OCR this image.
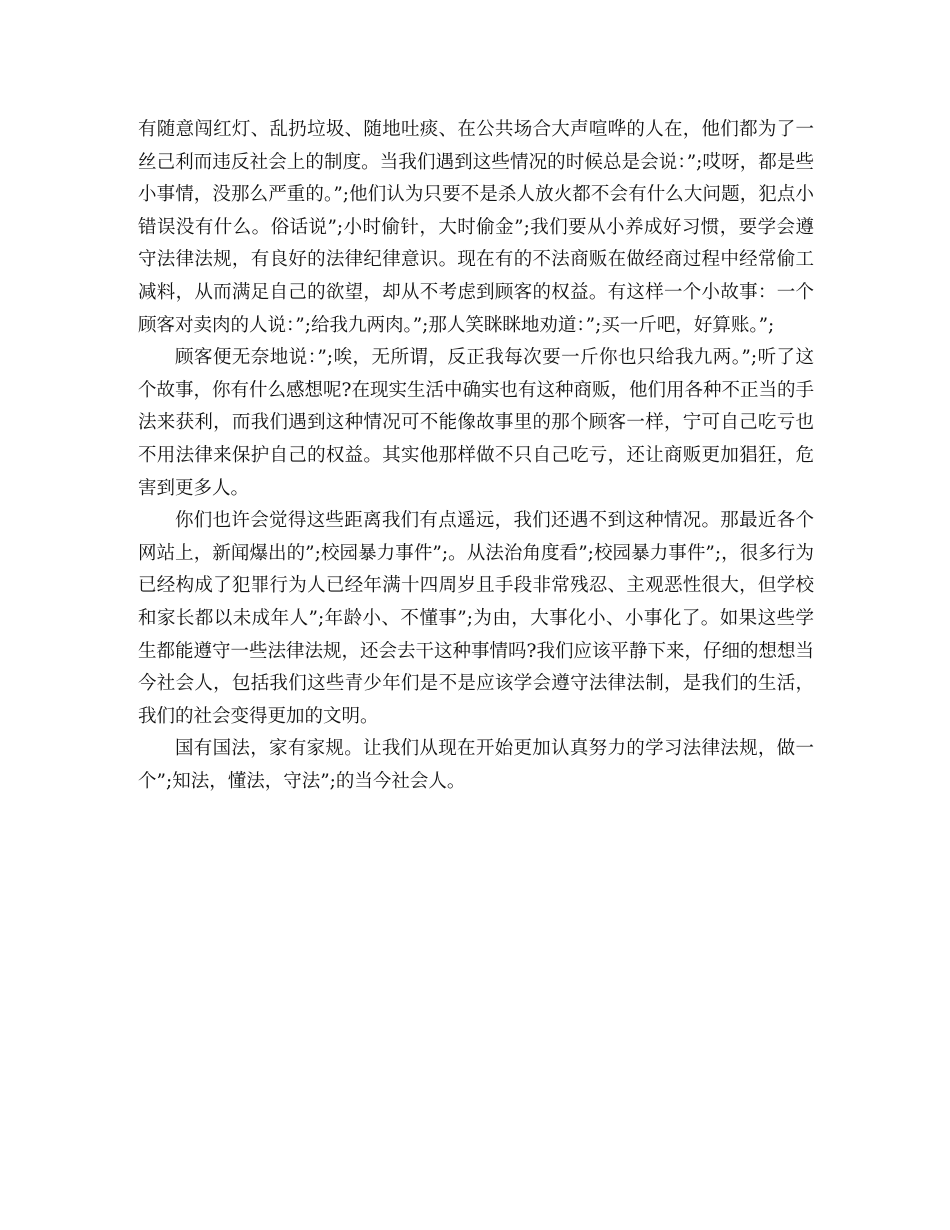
有随意闯红灯、乱扔垃圾、随地吐痰、在公共场合大声喧哗的人在，他们都为了一丝己利而违反社会上的制度。当我们遇到这些情况的时候总是会说：”;哎呀，都是些小事情，没那么严重的。”;他们认为只要不是杀人放火都不会有什么大问题，犯点小错误没有什么。俗话说”;小时偷针，大时偷金”;我们要从小养成好习惯，要学会遵守法律法规，有良好的法律纪律意识。现在有的不法商贩在做经商过程中经常偷工减料，从而满足自己的欲望，却从不考虑到顾客的权益。有这样一个小故事：一个顾客对卖肉的人说：”;给我九两肉。”;那人笑眯眯地劝道：”;买一斤吧，好算账。”;

顾客便无奈地说：”;唉，无所谓，反正我每次要一斤你也只给我九两。”;听了这个故事，你有什么感想呢?在现实生活中确实也有这种商贩，他们用各种不正当的手法来获利，而我们遇到这种情况可不能像故事里的那个顾客一样，宁可自己吃亏也不用法律来保护自己的权益。其实他那样做不只自己吃亏，还让商贩更加猖狂，危害到更多人。

你们也许会觉得这些距离我们有点遥远，我们还遇不到这种情况。那最近各个网站上，新闻爆出的”;校园暴力事件”;。从法治角度看”;校园暴力事件”;，很多行为已经构成了犯罪行为人已经年满十四周岁且手段非常残忍、主观恶性很大，但学校和家长都以未成年人”;年龄小、不懂事”;为由，大事化小、小事化了。如果这些学生都能遵守一些法律法规，还会去干这种事情吗?我们应该平静下来，仔细的想想当今社会人，包括我们这些青少年们是不是应该学会遵守法律法制，是我们的生活，我们的社会变得更加的文明。

国有国法，家有家规。让我们从现在开始更加认真努力的学习法律法规，做一个”;知法，懂法，守法”;的当今社会人。
